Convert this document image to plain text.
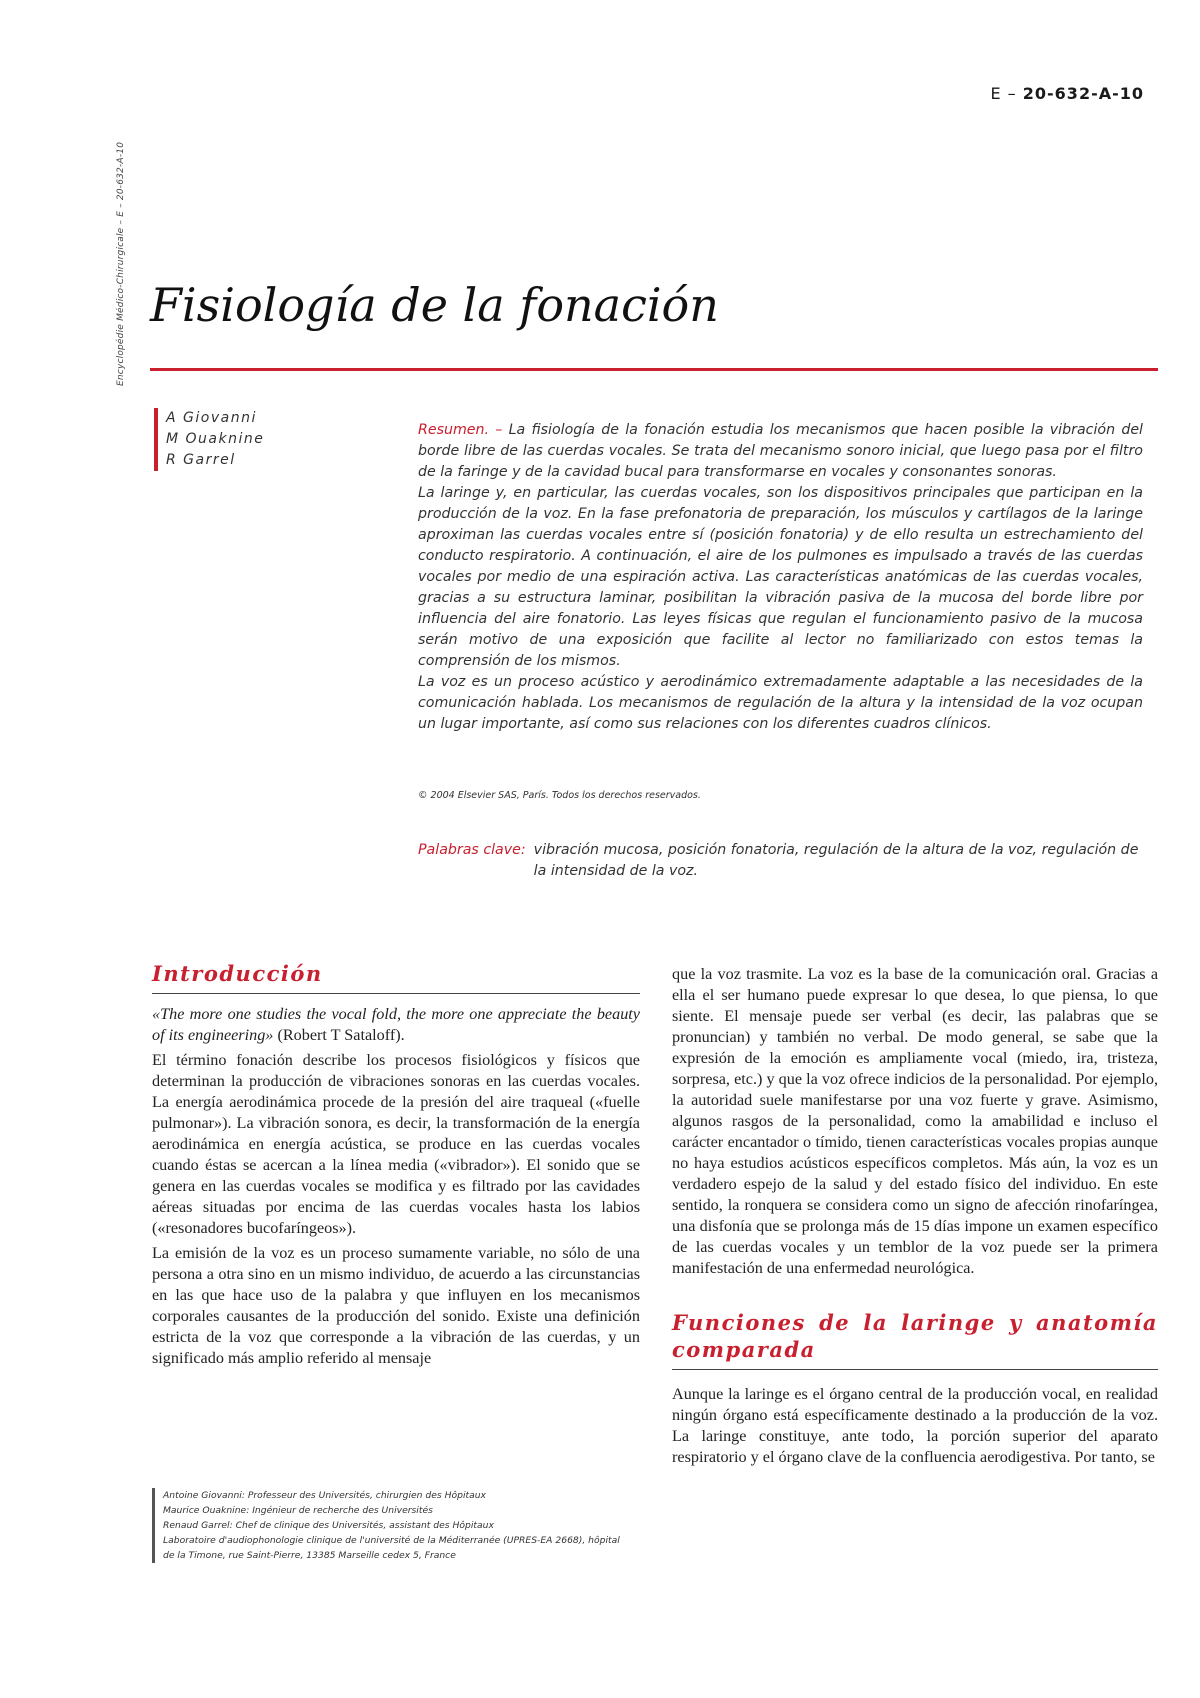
Encyclopédie Médico-Chirurgicale – E – 20-632-A-10
E – 20-632-A-10
Fisiología de la fonación
A Giovanni
M Ouaknine
R Garrel

Resumen. – La fisiología de la fonación estudia los mecanismos que hacen posible la vibración del borde libre de las cuerdas vocales. Se trata del mecanismo sonoro inicial, que luego pasa por el filtro de la faringe y de la cavidad bucal para transformarse en vocales y consonantes sonoras.

La laringe y, en particular, las cuerdas vocales, son los dispositivos principales que participan en la producción de la voz. En la fase prefonatoria de preparación, los músculos y cartílagos de la laringe aproximan las cuerdas vocales entre sí (posición fonatoria) y de ello resulta un estrechamiento del conducto respiratorio. A continuación, el aire de los pulmones es impulsado a través de las cuerdas vocales por medio de una espiración activa. Las características anatómicas de las cuerdas vocales, gracias a su estructura laminar, posibilitan la vibración pasiva de la mucosa del borde libre por influencia del aire fonatorio. Las leyes físicas que regulan el funcionamiento pasivo de la mucosa serán motivo de una exposición que facilite al lector no familiarizado con estos temas la comprensión de los mismos.

La voz es un proceso acústico y aerodinámico extremadamente adaptable a las necesidades de la comunicación hablada. Los mecanismos de regulación de la altura y la intensidad de la voz ocupan un lugar importante, así como sus relaciones con los diferentes cuadros clínicos.

© 2004 Elsevier SAS, París. Todos los derechos reservados.
Palabras clave: vibración mucosa, posición fonatoria, regulación de la altura de la voz, regulación de la intensidad de la voz.
Introducción

«The more one studies the vocal fold, the more one appreciate the beauty of its engineering» (Robert T Sataloff).

El término fonación describe los procesos fisiológicos y físicos que determinan la producción de vibraciones sonoras en las cuerdas vocales. La energía aerodinámica procede de la presión del aire traqueal («fuelle pulmonar»). La vibración sonora, es decir, la transformación de la energía aerodinámica en energía acústica, se produce en las cuerdas vocales cuando éstas se acercan a la línea media («vibrador»). El sonido que se genera en las cuerdas vocales se modifica y es filtrado por las cavidades aéreas situadas por encima de las cuerdas vocales hasta los labios («resonadores bucofaríngeos»).

La emisión de la voz es un proceso sumamente variable, no sólo de una persona a otra sino en un mismo individuo, de acuerdo a las circunstancias en las que hace uso de la palabra y que influyen en los mecanismos corporales causantes de la producción del sonido. Existe una definición estricta de la voz que corresponde a la vibración de las cuerdas, y un significado más amplio referido al mensaje

que la voz trasmite. La voz es la base de la comunicación oral. Gracias a ella el ser humano puede expresar lo que desea, lo que piensa, lo que siente. El mensaje puede ser verbal (es decir, las palabras que se pronuncian) y también no verbal. De modo general, se sabe que la expresión de la emoción es ampliamente vocal (miedo, ira, tristeza, sorpresa, etc.) y que la voz ofrece indicios de la personalidad. Por ejemplo, la autoridad suele manifestarse por una voz fuerte y grave. Asimismo, algunos rasgos de la personalidad, como la amabilidad e incluso el carácter encantador o tímido, tienen características vocales propias aunque no haya estudios acústicos específicos completos. Más aún, la voz es un verdadero espejo de la salud y del estado físico del individuo. En este sentido, la ronquera se considera como un signo de afección rinofaríngea, una disfonía que se prolonga más de 15 días impone un examen específico de las cuerdas vocales y un temblor de la voz puede ser la primera manifestación de una enfermedad neurológica.

Funciones de la laringe y anatomía comparada

Aunque la laringe es el órgano central de la producción vocal, en realidad ningún órgano está específicamente destinado a la producción de la voz. La laringe constituye, ante todo, la porción superior del aparato respiratorio y el órgano clave de la confluencia aerodigestiva. Por tanto, se

Antoine Giovanni: Professeur des Universités, chirurgien des Hôpitaux
Maurice Ouaknine: Ingénieur de recherche des Universités
Renaud Garrel: Chef de clinique des Universités, assistant des Hôpitaux
Laboratoire d'audiophonologie clinique de l'université de la Méditerranée (UPRES-EA 2668), hôpital
de la Timone, rue Saint-Pierre, 13385 Marseille cedex 5, France
